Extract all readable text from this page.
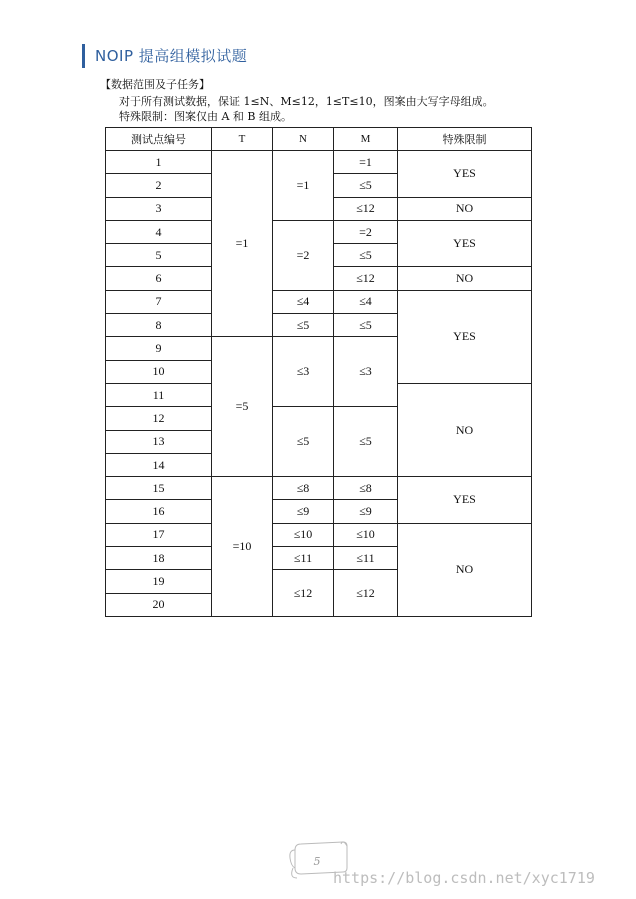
NOIP 提高组模拟试题
【数据范围及子任务】
对于所有测试数据，保证 1≤N、M≤12，1≤T≤10，图案由大写字母组成。
特殊限制：图案仅由 A 和 B 组成。
测试点编号	T	N	M	特殊限制
1	=1	=1	=1	YES
2			≤5	
3			≤12	NO
4		=2	=2	YES
5			≤5	
6			≤12	NO
7		≤4	≤4	YES
8		≤5	≤5	
9	=5	≤3	≤3	
10				
11				NO
12		≤5	≤5	
13				
14				
15	=10	≤8	≤8	YES
16		≤9	≤9	
17		≤10	≤10	NO
18		≤11	≤11	
19		≤12	≤12	
20				
5
https://blog.csdn.net/xyc1719
